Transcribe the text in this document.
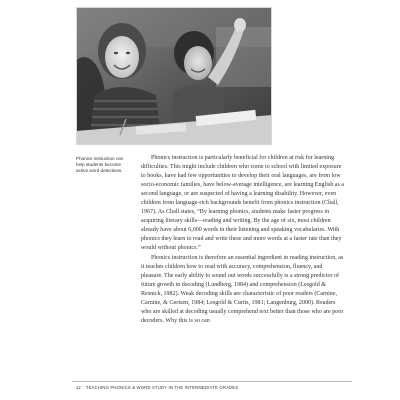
Phonics instruction can help students become active word detectives.

Phonics instruction is particularly beneficial for children at risk for learning difficulties. This might include children who come to school with limited exposure to books, have had few opportunities to develop their oral languages, are from low socio-economic families, have below-average intelligence, are learning English as a second language, or are suspected of having a learning disability. However, even children from language-rich backgrounds benefit from phonics instruction (Chall, 1967). As Chall states, “By learning phonics, students make faster progress in acquiring literary skills—reading and writing. By the age of six, most children already have about 6,000 words in their listening and speaking vocabularies. With phonics they learn to read and write these and more words at a faster rate than they would without phonics.”

Phonics instruction is therefore an essential ingredient in reading instruction, as it teaches children how to read with accuracy, comprehension, fluency, and pleasure. The early ability to sound out words successfully is a strong predictor of future growth in decoding (Lundberg, 1984) and comprehension (Lesgold & Resnick, 1982). Weak decoding skills are characteristic of poor readers (Carnine, Carnine, & Gertsen, 1984; Lesgold & Curtis, 1981; Langenburg, 2000). Readers who are skilled at decoding usually comprehend text better than those who are poor decoders. Why this is so can

12 TEACHING PHONICS & WORD STUDY IN THE INTERMEDIATE GRADES
